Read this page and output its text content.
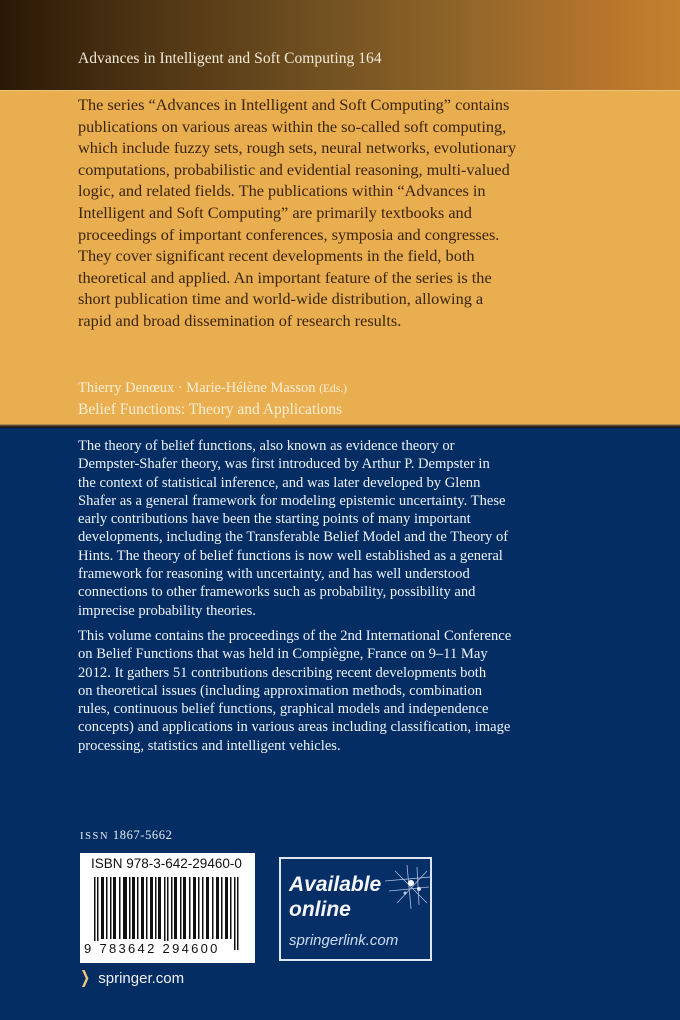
Advances in Intelligent and Soft Computing 164
The series “Advances in Intelligent and Soft Computing” contains
publications on various areas within the so-called soft computing,
which include fuzzy sets, rough sets, neural networks, evolutionary
computations, probabilistic and evidential reasoning, multi-valued
logic, and related fields. The publications within “Advances in
Intelligent and Soft Computing” are primarily textbooks and
proceedings of important conferences, symposia and congresses.
They cover significant recent developments in the field, both
theoretical and applied. An important feature of the series is the
short publication time and world-wide distribution, allowing a
rapid and broad dissemination of research results.
Thierry Denœux · Marie-Hélène Masson (Eds.)
Belief Functions: Theory and Applications
The theory of belief functions, also known as evidence theory or
Dempster-Shafer theory, was first introduced by Arthur P. Dempster in
the context of statistical inference, and was later developed by Glenn
Shafer as a general framework for modeling epistemic uncertainty. These
early contributions have been the starting points of many important
developments, including the Transferable Belief Model and the Theory of
Hints. The theory of belief functions is now well established as a general
framework for reasoning with uncertainty, and has well understood
connections to other frameworks such as probability, possibility and
imprecise probability theories.
This volume contains the proceedings of the 2nd International Conference
on Belief Functions that was held in Compiègne, France on 9–11 May
2012. It gathers 51 contributions describing recent developments both
on theoretical issues (including approximation methods, combination
rules, continuous belief functions, graphical models and independence
concepts) and applications in various areas including classification, image
processing, statistics and intelligent vehicles.
ISSN 1867-5662
ISBN 978-3-642-29460-0
9 783642 294600
❯ springer.com
Available
online
springerlink.com
